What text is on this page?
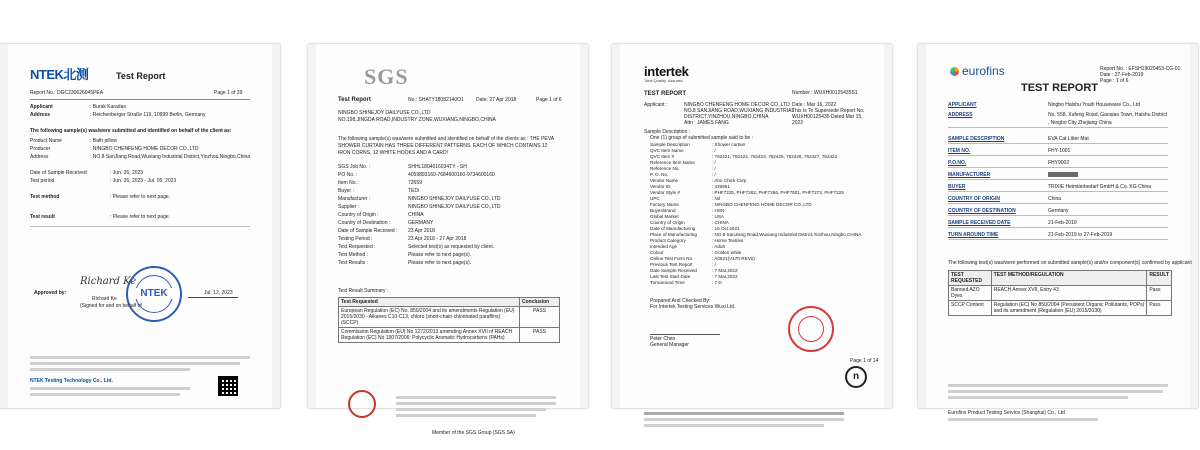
NTEK北测	Test Report
Report No.: DGC230626045PEA	Page 1 of 39
Applicant	: Burak Karadas
Address	: Reichenberger Straße 119, 10999 Berlin, Germany
The following sample(s) was/were submitted and identified on behalf of the client as:
Product Name	: Bath pillow
Producer	: NINGBO CHENFENG HOME DECOR CO.,LTD
Address	: NO.8 SanJiang Road,Wuxiang Industrial District,Yinzhou,Ningbo,China
Date of Sample Received	: Jun. 26, 2023
Test period	: Jun. 26, 2023 - Jul. 05, 2023
Test method	: Please refer to next page.
Test result	: Please refer to next page.
Approved by:
Richard Ke
NTEK
Richard Ke
(Signed for and on behalf of
Jul. 12, 2023
NTEK Testing Technology Co., Ltd.
SGS
Test Report	No.: SHATY18082140O1 Date: 27 Apr 2018	Page 1 of 6
NINGBO SHINEJOY DAILYUSE CO.,LTD
NO.198,JINGDA ROAD,INDUSTRY ZONE,WUXIANG,NINGBO,CHINA
The following sample(s) was/were submitted and identified on behalf of the clients as : THE PEVA SHOWER CURTAIN HAS THREE DIFFERENT PATTERNS. EACH OF WHICH CONTAINS 12 IRON CORNS, 12 WHITE HOOKS AND A CARD!
SGS Job No. :	SHHL1804016034TY - SH
PO No. :	4059893160-7684600160-9734600160
Item No. :	72659
Buyer :	TEDi
Manufacturer :	NINGBO SHINEJOY DAILYUSE CO.,LTD
Supplier :	NINGBO SHINEJOY DAILYUSE CO.,LTD
Country of Origin :	CHINA
Country of Destination :	GERMANY
Date of Sample Received :	23 Apr 2018
Testing Period :	23 Apr 2018 - 27 Apr 2018
Test Requested :	Selected test(s) as requested by client.
Test Method :	Please refer to next page(s).
Test Results :	Please refer to next page(s).
Test Result Summary :
Test Requested	Conclusion
European Regulation (EC) No. 850/2004 and its amendments Regulation (EU) 2015/2030 - Alkanes C10-C13, chloro (short-chain chlorinated paraffins) (SCCP)	PASS
Commission Regulation (EU) No 1272/2013 amending Annex XVII of REACH Regulation (EC) No 1907/2006: Polycyclic Aromatic Hydrocarbons (PAHs)	PASS
Member of the SGS Group (SGS SA)
intertek
Total Quality. Assured.
TEST REPORT	Number : WUXH00125435S1
Applicant :	NINGBO CHENFENG HOME DECOR CO.,LTD
NO.8 SANJIANG ROAD,WUXIANG INDUSTRIAL
DISTRICT,YINZHOU,NINGBO,CHINA
Attn : JAMES FANG
Date : Mar 16, 2022
This Is To Supersede Report No.
WUXH00125435 Dated Mar 15,
2022
Sample Description :
One (1) group of submitted sample said to be :
Sample Description	: Shower curtain
QVC Item Name	: /
QVC Item #	: 762421, 762422, 762423, 762425, 762426, 762427, 762422
Reference Item Name	: /
Reference No.	: /
P. O. No.	: /
Vendor Name	: Aho Chick Corp
Vendor ID	: 428951
Vendor Style #	: PHF7225, PHF7262, PHF7266, PHF7501, PHF7273, PHF7229
UPC	: Nil
Factory Name	: NINGBO CHENFENG HOME DECOR CO.,LTD
Buyer/Brand	: HSN
Global Market	: USA
Country of Origin	: CHINA
Date of Manufacturing	: 15 Oct 2021
Place of Manufacturing	: NO.8 SanJiang Road,Wuxiang Industrial District,Yinzhou,Ningbo,CHINA
Product Category	: Home Textiles
Intended Age	: Adult
Colour	: Golden white
Online Test Form No.	: A0621(V170-REV0)
Previous Test Report	: /
Date Sample Received	: 7 Mar,2022
Last Test Start Date	: 7 Mar,2022
Turnaround Time	: 7 D
Prepared And Checked By:
For Intertek Testing Services Wuxi Ltd.
Peter Chen
General Manager
Page 1 of 14
n
eurofins	Report No. : EFSH19020453-CG-01
Date : 27-Feb-2019
Page : 1 of 6
TEST REPORT
APPLICANT	Ningbo Haishu Youdi Houseware Co., Ltd
ADDRESS	No. 558, Xufeng Road, Gaoqiao Town, Haishu District
, Ningbo City Zhejiang China
SAMPLE DESCRIPTION	EVA Cat Litter Mat
ITEM NO.	FHY-1001
P.O.NO.	FHY9002
MANUFACTURER
BUYER	TRIXIE Heimtierbedarf GmbH & Co. KG China
COUNTRY OF ORIGIN	China
COUNTRY OF DESTINATION	Germany
SAMPLE RECEIVED DATE	21-Feb-2019
TURN AROUND TIME	21-Feb-2019 to 27-Feb-2019
The following test(s) was/were performed on submitted sample(s) and/or component(s) confirmed by applicant
TEST REQUESTED	TEST METHOD/REGULATION	RESULT
Banned AZO Dyes	REACH Annex XVII, Entry 43	Pass
SCCP Content	Regulation (EC) No 850/2004 (Persistent Organic Pollutants, POPs) and its amendment (Regulation (EU) 2015/2030)	Pass
Eurofins Product Testing Service (Shanghai) Co., Ltd
